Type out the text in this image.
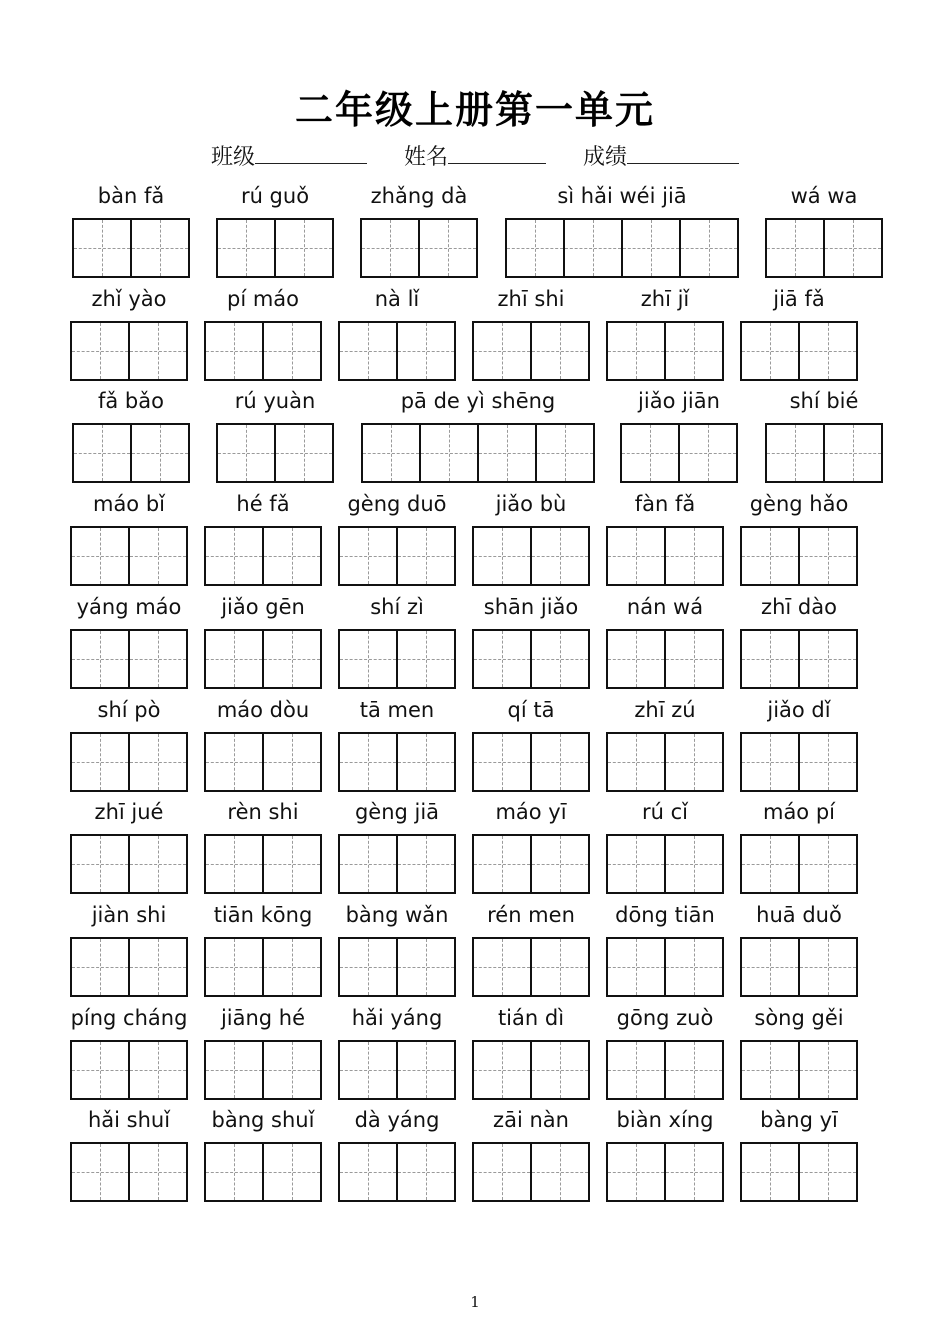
二年级上册第一单元
班级	姓名	成绩
bàn fǎ	rú guǒ	zhǎng dà	sì hǎi wéi jiā	wá wa
zhǐ yào	pí máo	nà lǐ	zhī shi	zhī jǐ	jiā fǎ
fǎ bǎo	rú yuàn	pā de yì shēng	jiǎo jiān	shí bié
máo bǐ	hé fǎ	gèng duō	jiǎo bù	fàn fǎ	gèng hǎo
yáng máo	jiǎo gēn	shí zì	shān jiǎo	nán wá	zhī dào
shí pò	máo dòu	tā men	qí tā	zhī zú	jiǎo dǐ
zhī jué	rèn shi	gèng jiā	máo yī	rú cǐ	máo pí
jiàn shi	tiān kōng	bàng wǎn	rén men	dōng tiān	huā duǒ
píng cháng	jiāng hé	hǎi yáng	tián dì	gōng zuò	sòng gěi
hǎi shuǐ	bàng shuǐ	dà yáng	zāi nàn	biàn xíng	bàng yī
1
